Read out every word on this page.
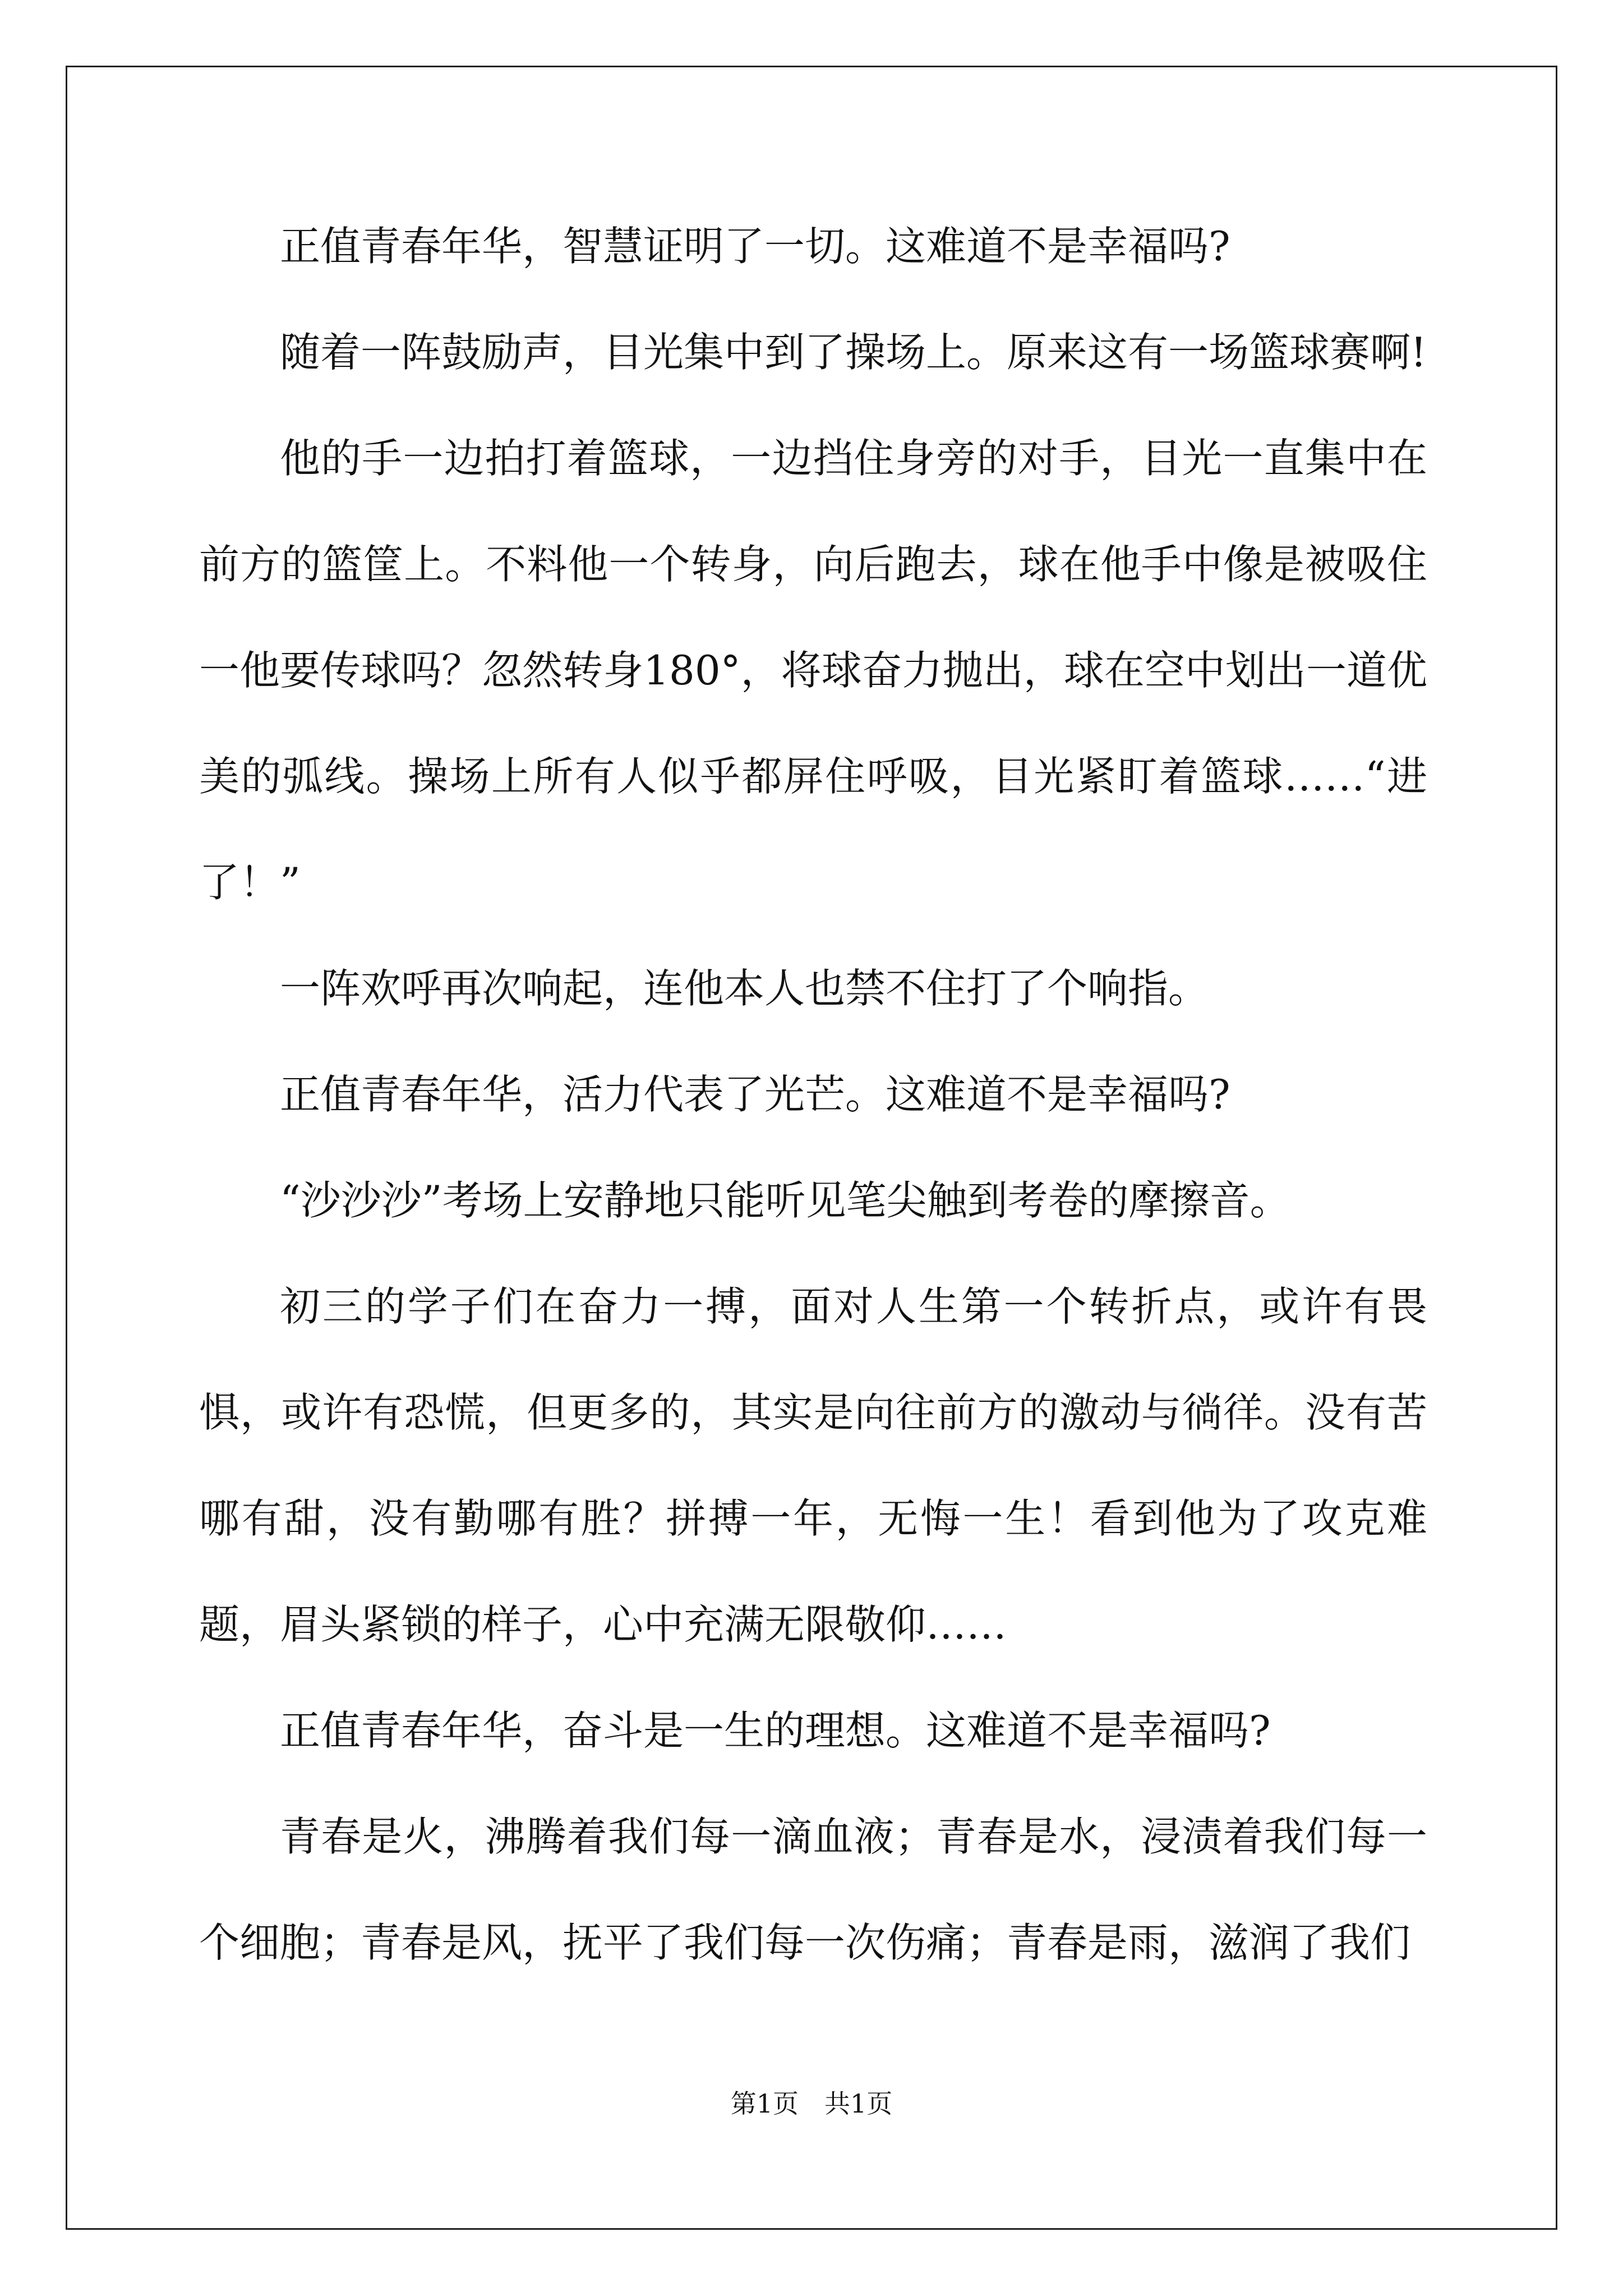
正值青春年华，智慧证明了一切。这难道不是幸福吗?

随着一阵鼓励声，目光集中到了操场上。原来这有一场篮球赛啊!

他的手一边拍打着篮球，一边挡住身旁的对手，目光一直集中在前方的篮筐上。不料他一个转身，向后跑去，球在他手中像是被吸住一他要传球吗？忽然转身180°，将球奋力抛出，球在空中划出一道优美的弧线。操场上所有人似乎都屏住呼吸，目光紧盯着篮球……“进了！”

一阵欢呼再次响起，连他本人也禁不住打了个响指。

正值青春年华，活力代表了光芒。这难道不是幸福吗?

“沙沙沙”考场上安静地只能听见笔尖触到考卷的摩擦音。

初三的学子们在奋力一搏，面对人生第一个转折点，或许有畏惧，或许有恐慌，但更多的，其实是向往前方的激动与徜徉。没有苦哪有甜，没有勤哪有胜？拼搏一年，无悔一生！看到他为了攻克难题，眉头紧锁的样子，心中充满无限敬仰……

正值青春年华，奋斗是一生的理想。这难道不是幸福吗?

青春是火，沸腾着我们每一滴血液；青春是水，浸渍着我们每一个细胞；青春是风，抚平了我们每一次伤痛；青春是雨，滋润了我们

第1页　共1页
